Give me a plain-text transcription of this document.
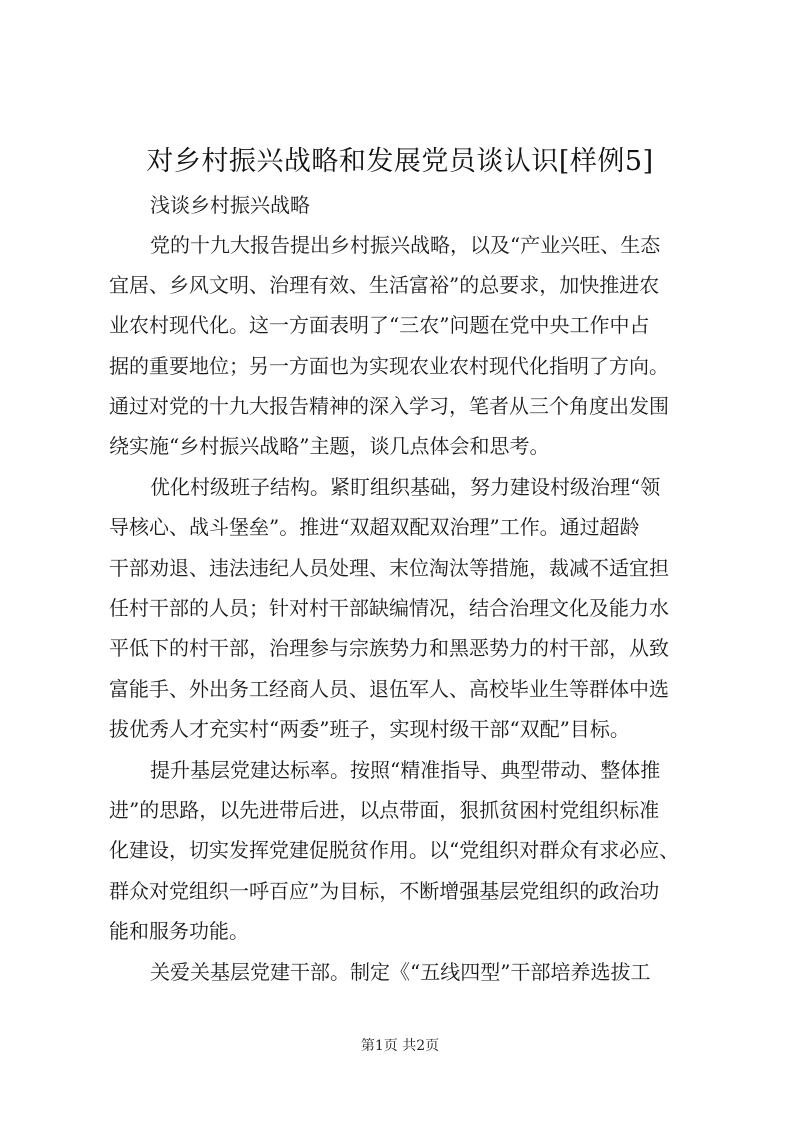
对乡村振兴战略和发展党员谈认识[样例5]
浅谈乡村振兴战略
党的十九大报告提出乡村振兴战略，以及“产业兴旺、生态
宜居、乡风文明、治理有效、生活富裕”的总要求，加快推进农
业农村现代化。这一方面表明了“三农”问题在党中央工作中占
据的重要地位；另一方面也为实现农业农村现代化指明了方向。
通过对党的十九大报告精神的深入学习，笔者从三个角度出发围
绕实施“乡村振兴战略”主题，谈几点体会和思考。
优化村级班子结构。紧盯组织基础，努力建设村级治理“领
导核心、战斗堡垒”。推进“双超双配双治理”工作。通过超龄
干部劝退、违法违纪人员处理、末位淘汰等措施，裁减不适宜担
任村干部的人员；针对村干部缺编情况，结合治理文化及能力水
平低下的村干部，治理参与宗族势力和黑恶势力的村干部，从致
富能手、外出务工经商人员、退伍军人、高校毕业生等群体中选
拔优秀人才充实村“两委”班子，实现村级干部“双配”目标。
提升基层党建达标率。按照“精准指导、典型带动、整体推
进”的思路，以先进带后进，以点带面，狠抓贫困村党组织标准
化建设，切实发挥党建促脱贫作用。以“党组织对群众有求必应、
群众对党组织一呼百应”为目标，不断增强基层党组织的政治功
能和服务功能。
关爱关基层党建干部。制定《“五线四型”干部培养选拔工
第1页 共2页
